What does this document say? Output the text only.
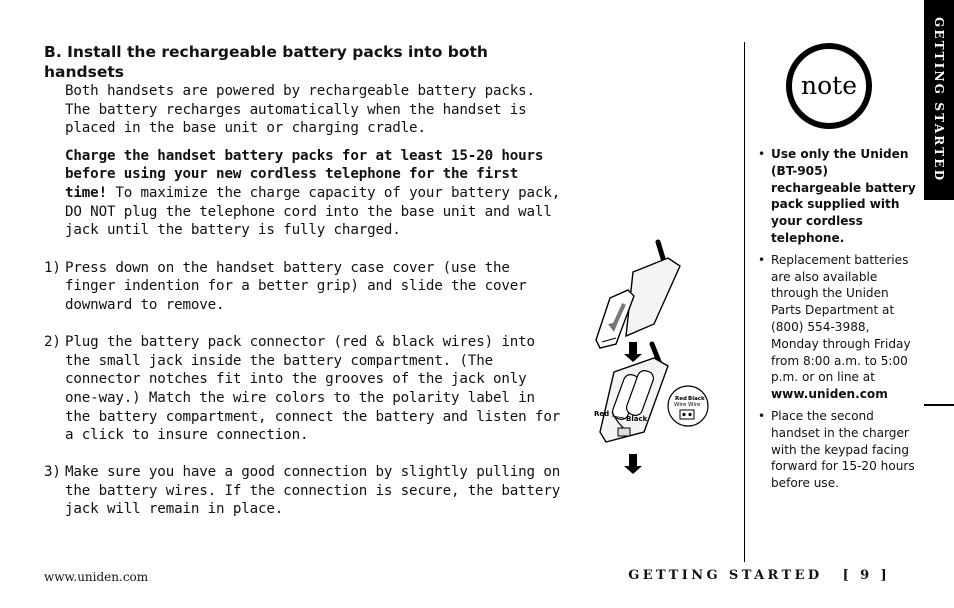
B. Install the rechargeable battery packs into both handsets

Both handsets are powered by rechargeable battery packs.

The battery recharges automatically when the handset is placed in the base unit or charging cradle.

Charge the handset battery packs for at least 15-20 hours before using your new cordless telephone for the first time! To maximize the charge capacity of your battery pack, DO NOT plug the telephone cord into the base unit and wall jack until the battery is fully charged.

1) Press down on the handset battery case cover (use the finger indention for a better grip) and slide the cover downward to remove.
2) Plug the battery pack connector (red & black wires) into the small jack inside the battery compartment. (The connector notches fit into the grooves of the jack only one-way.) Match the wire colors to the polarity label in the battery compartment, connect the battery and listen for a click to insure connection.
3) Make sure you have a good connection by slightly pulling on the battery wires. If the connection is secure, the battery jack will remain in place.
Red
Black
Red Black
Wire Wire
note
• Use only the Uniden (BT-905) rechargeable battery pack supplied with your cordless telephone.
• Replacement batteries are also available through the Uniden Parts Department at (800) 554-3988, Monday through Friday from 8:00 a.m. to 5:00 p.m. or on line at www.uniden.com
• Place the second handset in the charger with the keypad facing forward for 15-20 hours before use.
GETTING STARTED
www.uniden.com	GETTING STARTED [ 9 ]
